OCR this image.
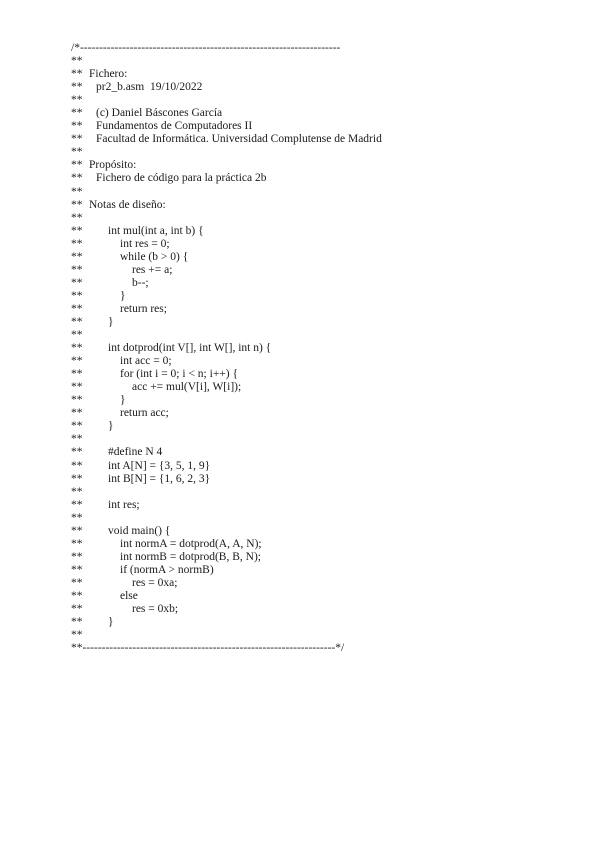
/*--------------------------------------------------------------------
**
** Fichero:
** pr2_b.asm  19/10/2022
**
** (c) Daniel Báscones García
** Fundamentos de Computadores II
** Facultad de Informática. Universidad Complutense de Madrid
**
** Propósito:
** Fichero de código para la práctica 2b
**
** Notas de diseño:
**
** int mul(int a, int b) {
**	int res = 0;
**	while (b > 0) {
**	res += a;
**	b--;
**	}
**	return res;
** }
**
** int dotprod(int V[], int W[], int n) {
**	int acc = 0;
**	for (int i = 0; i < n; i++) {
**	acc += mul(V[i], W[i]);
**	}
**	return acc;
** }
**
** #define N 4
** int A[N] = {3, 5, 1, 9}
** int B[N] = {1, 6, 2, 3}
**
** int res;
**
** void main() {
**	int normA = dotprod(A, A, N);
**	int normB = dotprod(B, B, N);
**	if (normA > normB)
**	res = 0xa;
**	else
**	res = 0xb;
** }
**
**------------------------------------------------------------------*/
